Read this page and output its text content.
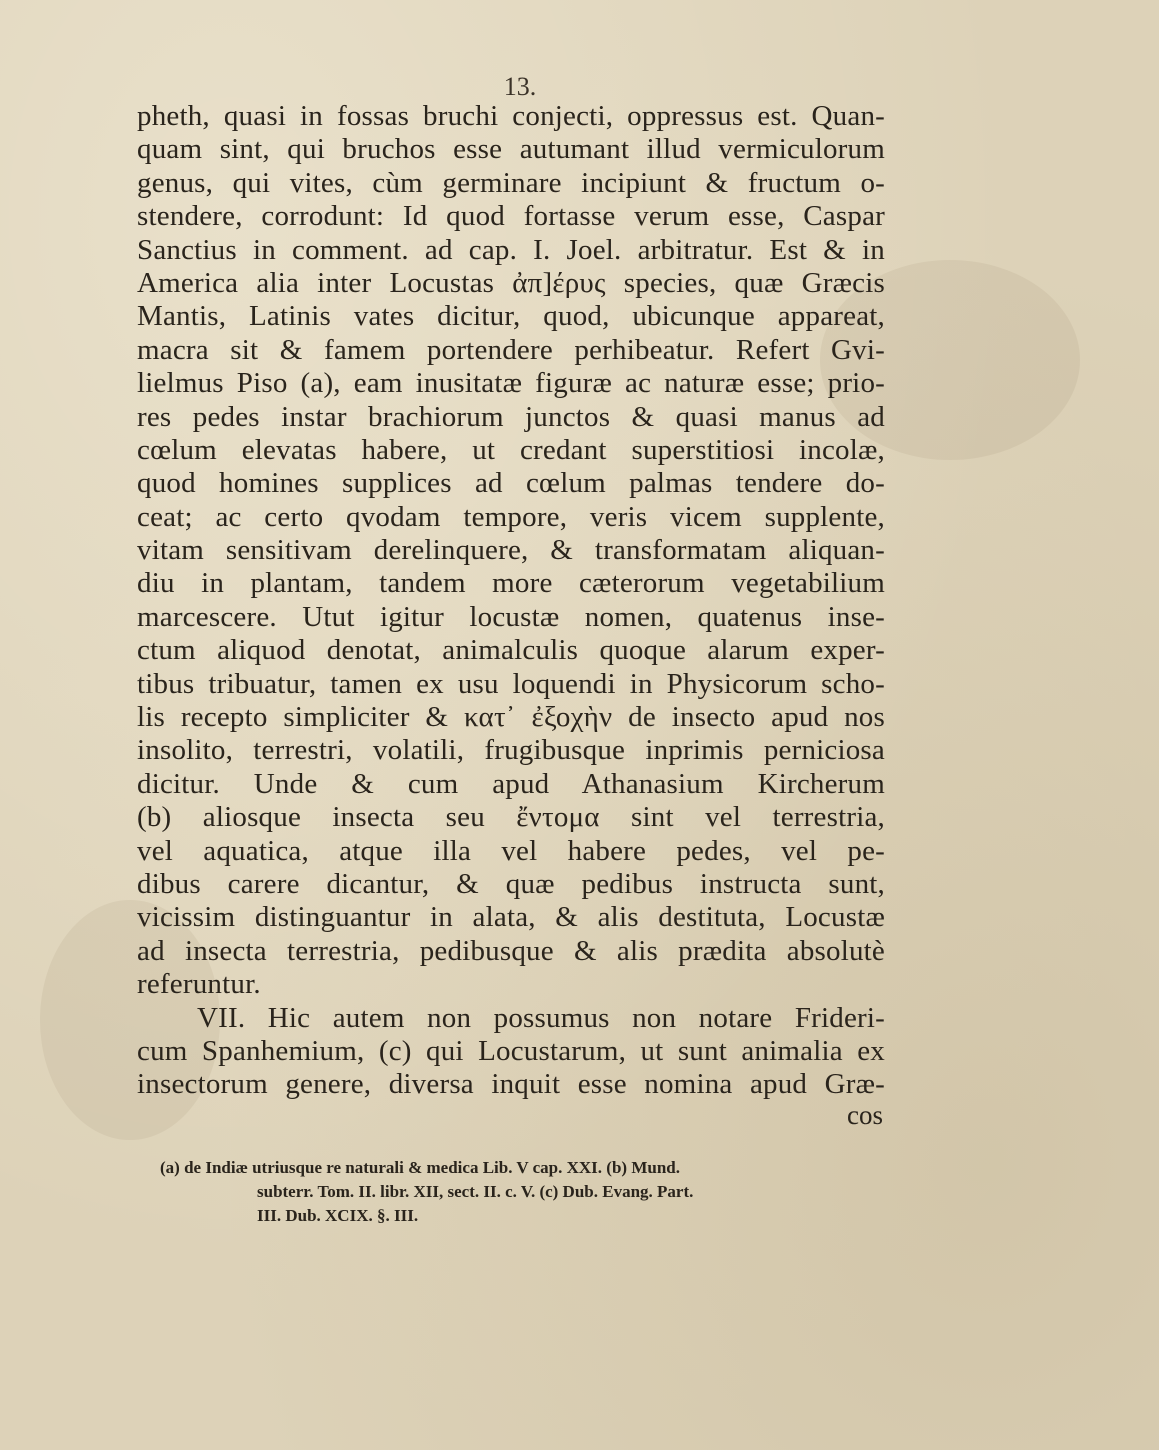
13.
pheth, quasi in fossas bruchi conjecti, oppressus est. Quan-
quam sint, qui bruchos esse autumant illud vermiculorum
genus, qui vites, cùm germinare incipiunt & fructum o-
stendere, corrodunt: Id quod fortasse verum esse, Caspar
Sanctius in comment. ad cap. I. Joel. arbitratur. Est & in
America alia inter Locustas ἀπ]έρυς species, quæ Græcis
Mantis, Latinis vates dicitur, quod, ubicunque appareat,
macra sit & famem portendere perhibeatur. Refert Gvi-
lielmus Piso (a), eam inusitatæ figuræ ac naturæ esse; prio-
res pedes instar brachiorum junctos & quasi manus ad
cœlum elevatas habere, ut credant superstitiosi incolæ,
quod homines supplices ad cœlum palmas tendere do-
ceat; ac certo qvodam tempore, veris vicem supplente,
vitam sensitivam derelinquere, & transformatam aliquan-
diu in plantam, tandem more cæterorum vegetabilium
marcescere. Utut igitur locustæ nomen, quatenus inse-
ctum aliquod denotat, animalculis quoque alarum exper-
tibus tribuatur, tamen ex usu loquendi in Physicorum scho-
lis recepto simpliciter & κατ᾽ ἐξοχὴν de insecto apud nos
insolito, terrestri, volatili, frugibusque inprimis perniciosa
dicitur. Unde & cum apud Athanasium Kircherum
(b) aliosque insecta seu ἔντομα sint vel terrestria,
vel aquatica, atque illa vel habere pedes, vel pe-
dibus carere dicantur, & quæ pedibus instructa sunt,
vicissim distinguantur in alata, & alis destituta, Locustæ
ad insecta terrestria, pedibusque & alis prædita absolutè
referuntur.
VII. Hic autem non possumus non notare Frideri-
cum Spanhemium, (c) qui Locustarum, ut sunt animalia ex
insectorum genere, diversa inquit esse nomina apud Græ-
cos
(a) de Indiæ utriusque re naturali & medica Lib. V cap. XXI. (b) Mund.
subterr. Tom. II. libr. XII, sect. II. c. V. (c) Dub. Evang. Part.
III. Dub. XCIX. §. III.
